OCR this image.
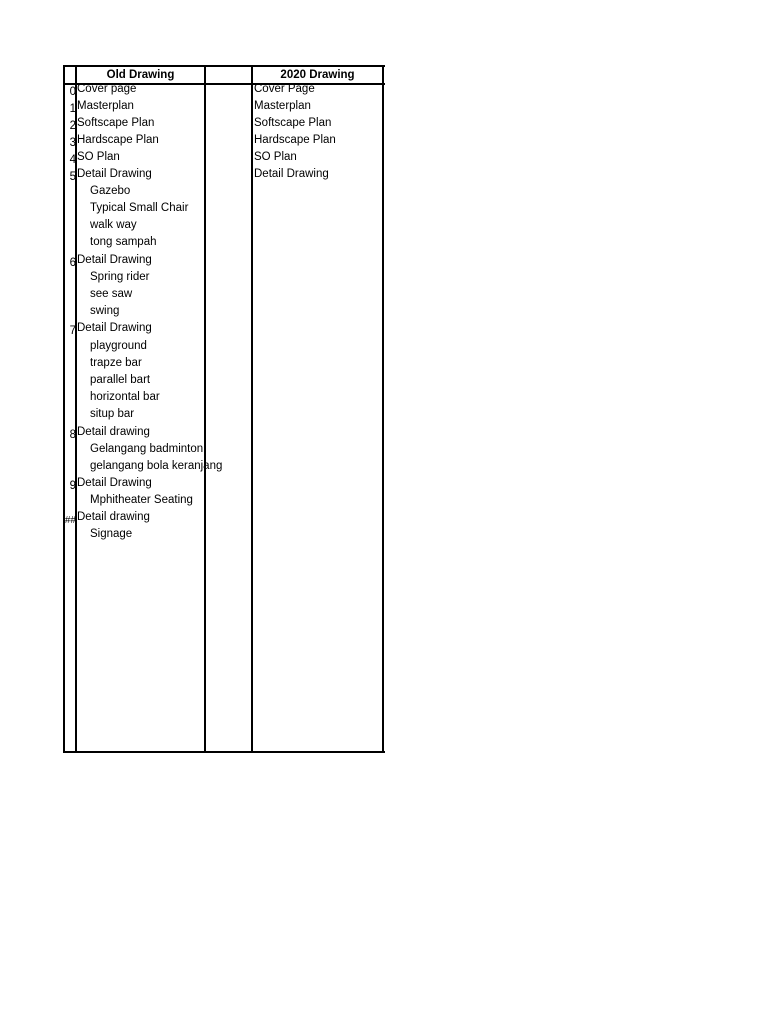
Old Drawing	2020 Drawing
0
1
2
3
4
5
6
7
8
9
##
Cover page
Masterplan
Softscape Plan
Hardscape Plan
SO Plan
Detail Drawing
Gazebo
Typical Small Chair
walk way
tong sampah
Detail Drawing
Spring rider
see saw
swing
Detail Drawing
playground
trapze bar
parallel bart
horizontal bar
situp bar
Detail drawing
Gelangang badminton
gelangang bola keranjang
Detail Drawing
Mphitheater Seating
Detail drawing
Signage
Cover Page
Masterplan
Softscape Plan
Hardscape Plan
SO Plan
Detail Drawing
